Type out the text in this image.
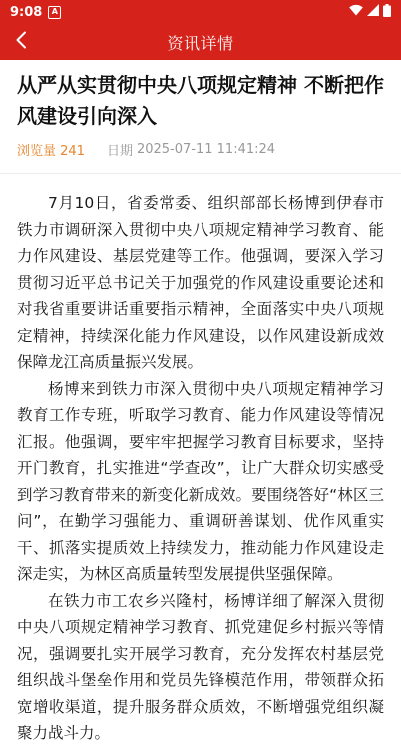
9:08	A
资讯详情
从严从实贯彻中央八项规定精神 不断把作风建设引向深入
浏览量 241 日期 2025-07-11 11:41:24

7月10日，省委常委、组织部部长杨博到伊春市铁力市调研深入贯彻中央八项规定精神学习教育、能力作风建设、基层党建等工作。他强调，要深入学习贯彻习近平总书记关于加强党的作风建设重要论述和对我省重要讲话重要指示精神，全面落实中央八项规定精神，持续深化能力作风建设，以作风建设新成效保障龙江高质量振兴发展。

杨博来到铁力市深入贯彻中央八项规定精神学习教育工作专班，听取学习教育、能力作风建设等情况汇报。他强调，要牢牢把握学习教育目标要求，坚持开门教育，扎实推进“学查改”，让广大群众切实感受到学习教育带来的新变化新成效。要围绕答好“林区三问”，在勤学习强能力、重调研善谋划、优作风重实干、抓落实提质效上持续发力，推动能力作风建设走深走实，为林区高质量转型发展提供坚强保障。

在铁力市工农乡兴隆村，杨博详细了解深入贯彻中央八项规定精神学习教育、抓党建促乡村振兴等情况，强调要扎实开展学习教育，充分发挥农村基层党组织战斗堡垒作用和党员先锋模范作用，带领群众拓宽增收渠道，提升服务群众质效，不断增强党组织凝聚力战斗力。
